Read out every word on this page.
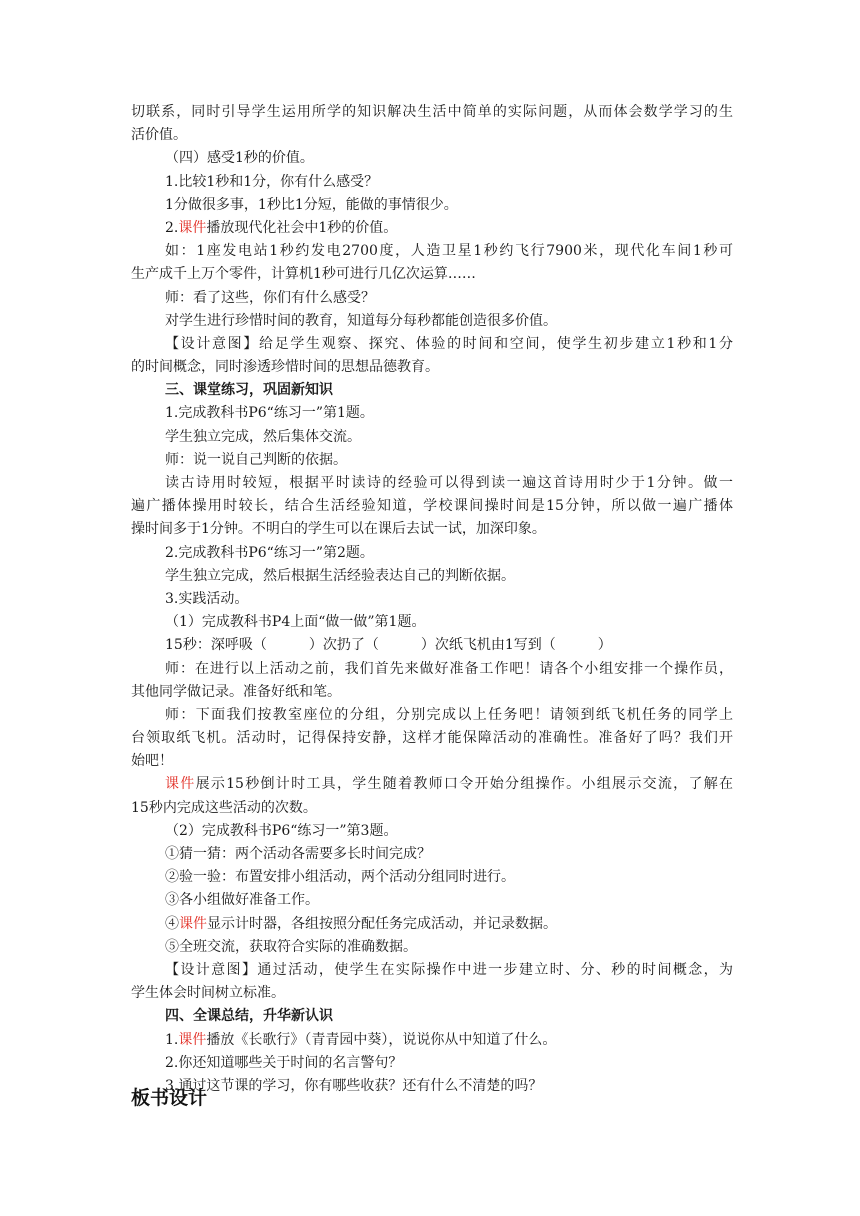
切联系，同时引导学生运用所学的知识解决生活中简单的实际问题，从而体会数学学习的生
活价值。
（四）感受1秒的价值。
1.比较1秒和1分，你有什么感受？
1分做很多事，1秒比1分短，能做的事情很少。
2.课件播放现代化社会中1秒的价值。
如：1座发电站1秒约发电2700度，人造卫星1秒约飞行7900米，现代化车间1秒可
生产成千上万个零件，计算机1秒可进行几亿次运算……
师：看了这些，你们有什么感受？
对学生进行珍惜时间的教育，知道每分每秒都能创造很多价值。
【设计意图】给足学生观察、探究、体验的时间和空间，使学生初步建立1秒和1分
的时间概念，同时渗透珍惜时间的思想品德教育。
三、课堂练习，巩固新知识
1.完成教科书P6“练习一”第1题。
学生独立完成，然后集体交流。
师：说一说自己判断的依据。
读古诗用时较短，根据平时读诗的经验可以得到读一遍这首诗用时少于1分钟。做一
遍广播体操用时较长，结合生活经验知道，学校课间操时间是15分钟，所以做一遍广播体
操时间多于1分钟。不明白的学生可以在课后去试一试，加深印象。
2.完成教科书P6“练习一”第2题。
学生独立完成，然后根据生活经验表达自己的判断依据。
3.实践活动。
（1）完成教科书P4上面“做一做”第1题。
15秒：深呼吸（　　　）次扔了（　　　）次纸飞机由1写到（　　　）
师：在进行以上活动之前，我们首先来做好准备工作吧！请各个小组安排一个操作员，
其他同学做记录。准备好纸和笔。
师：下面我们按教室座位的分组，分别完成以上任务吧！请领到纸飞机任务的同学上
台领取纸飞机。活动时，记得保持安静，这样才能保障活动的准确性。准备好了吗？我们开
始吧！
课件展示15秒倒计时工具，学生随着教师口令开始分组操作。小组展示交流，了解在
15秒内完成这些活动的次数。
（2）完成教科书P6“练习一”第3题。
①猜一猜：两个活动各需要多长时间完成？
②验一验：布置安排小组活动，两个活动分组同时进行。
③各小组做好准备工作。
④课件显示计时器，各组按照分配任务完成活动，并记录数据。
⑤全班交流，获取符合实际的准确数据。
【设计意图】通过活动，使学生在实际操作中进一步建立时、分、秒的时间概念，为
学生体会时间树立标准。
四、全课总结，升华新认识
1.课件播放《长歌行》（青青园中葵），说说你从中知道了什么。
2.你还知道哪些关于时间的名言警句？
3.通过这节课的学习，你有哪些收获？还有什么不清楚的吗？
板书设计
